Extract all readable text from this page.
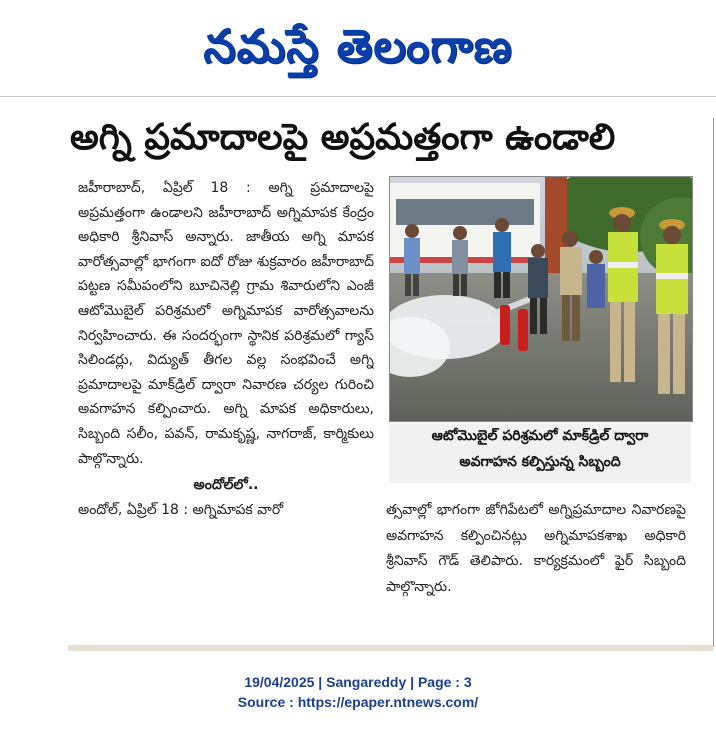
నమస్తే తెలంగాణ
అగ్ని ప్రమాదాలపై అప్రమత్తంగా ఉండాలి

జహీరాబాద్, ఏప్రిల్ 18 : అగ్ని ప్రమాదాలపై అప్రమత్తంగా ఉండాలని జహీరాబాద్ అగ్నిమాపక కేంద్రం అధికారి శ్రీనివాస్ అన్నారు. జాతీయ అగ్ని మాపక వారోత్సవాల్లో భాగంగా ఐదో రోజు శుక్రవారం జహీరాబాద్ పట్టణ సమీపంలోని బూచినెల్లి గ్రామ శివారులోని ఎంజీ ఆటోమొబైల్ పరిశ్రమలో అగ్నిమాపక వారోత్సవాలను నిర్వహించారు. ఈ సందర్భంగా స్థానిక పరిశ్రమలో గ్యాస్ సిలిండర్లు, విద్యుత్ తీగల వల్ల సంభవించే అగ్ని ప్రమాదాలపై మాక్‌డ్రిల్ ద్వారా నివారణ చర్యల గురించి అవగాహన కల్పించారు. అగ్ని మాపక అధికారులు, సిబ్బంది సలీం, పవన్, రామకృష్ణ, నాగరాజ్, కార్మికులు పాల్గొన్నారు.

అందోల్‌లో..

అందోల్, ఏప్రిల్ 18 : అగ్నిమాపక వారో

ఆటోమొబైల్ పరిశ్రమలో మాక్‌డ్రిల్ ద్వారా
అవగాహన కల్పిస్తున్న సిబ్బంది
త్సవాల్లో భాగంగా జోగిపేటలో అగ్నిప్రమాదాల నివారణపై అవగాహన కల్పించినట్లు అగ్నిమాపకశాఖ అధికారి శ్రీనివాస్ గౌడ్ తెలిపారు. కార్యక్రమంలో ఫైర్ సిబ్బంది పాల్గొన్నారు.
19/04/2025 | Sangareddy | Page : 3
Source : https://epaper.ntnews.com/
